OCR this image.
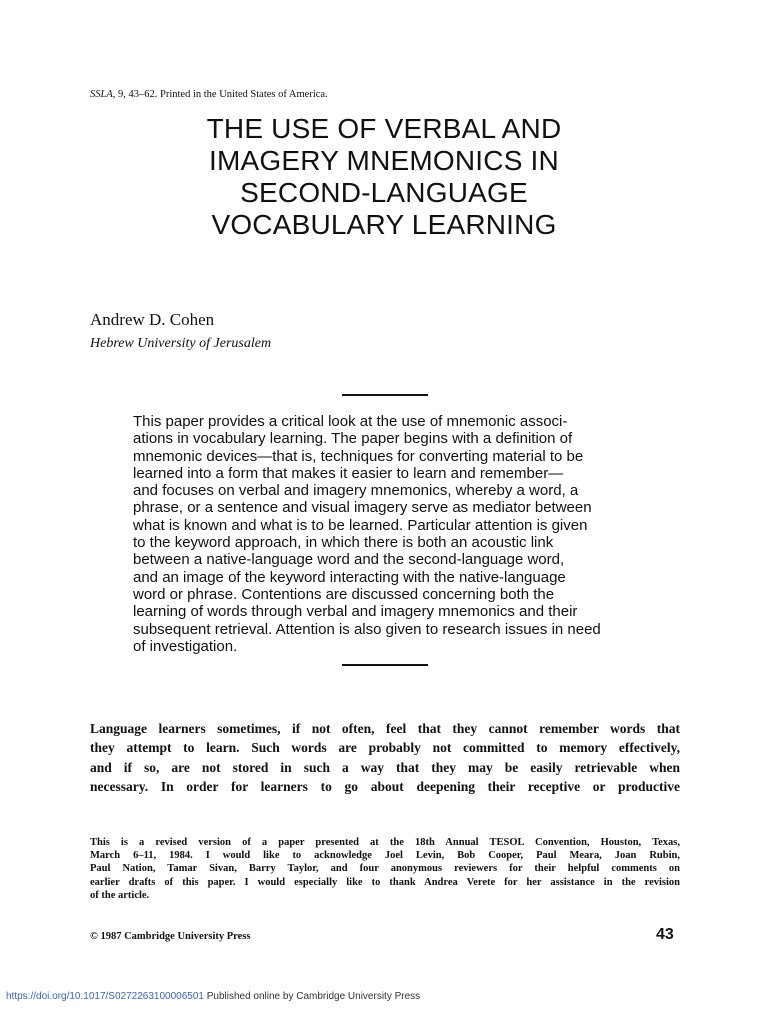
SSLA, 9, 43–62. Printed in the United States of America.
THE USE OF VERBAL AND
IMAGERY MNEMONICS IN
SECOND-LANGUAGE
VOCABULARY LEARNING
Andrew D. Cohen
Hebrew University of Jerusalem
This paper provides a critical look at the use of mnemonic associ-
ations in vocabulary learning. The paper begins with a definition of
mnemonic devices—that is, techniques for converting material to be
learned into a form that makes it easier to learn and remember—
and focuses on verbal and imagery mnemonics, whereby a word, a
phrase, or a sentence and visual imagery serve as mediator between
what is known and what is to be learned. Particular attention is given
to the keyword approach, in which there is both an acoustic link
between a native-language word and the second-language word,
and an image of the keyword interacting with the native-language
word or phrase. Contentions are discussed concerning both the
learning of words through verbal and imagery mnemonics and their
subsequent retrieval. Attention is also given to research issues in need
of investigation.
Language learners sometimes, if not often, feel that they cannot remember words that
they attempt to learn. Such words are probably not committed to memory effectively,
and if so, are not stored in such a way that they may be easily retrievable when
necessary. In order for learners to go about deepening their receptive or productive
This is a revised version of a paper presented at the 18th Annual TESOL Convention, Houston, Texas,
March 6–11, 1984. I would like to acknowledge Joel Levin, Bob Cooper, Paul Meara, Joan Rubin,
Paul Nation, Tamar Sivan, Barry Taylor, and four anonymous reviewers for their helpful comments on
earlier drafts of this paper. I would especially like to thank Andrea Verete for her assistance in the revision
of the article.
© 1987 Cambridge University Press	43
https://doi.org/10.1017/S0272263100006501 Published online by Cambridge University Press
